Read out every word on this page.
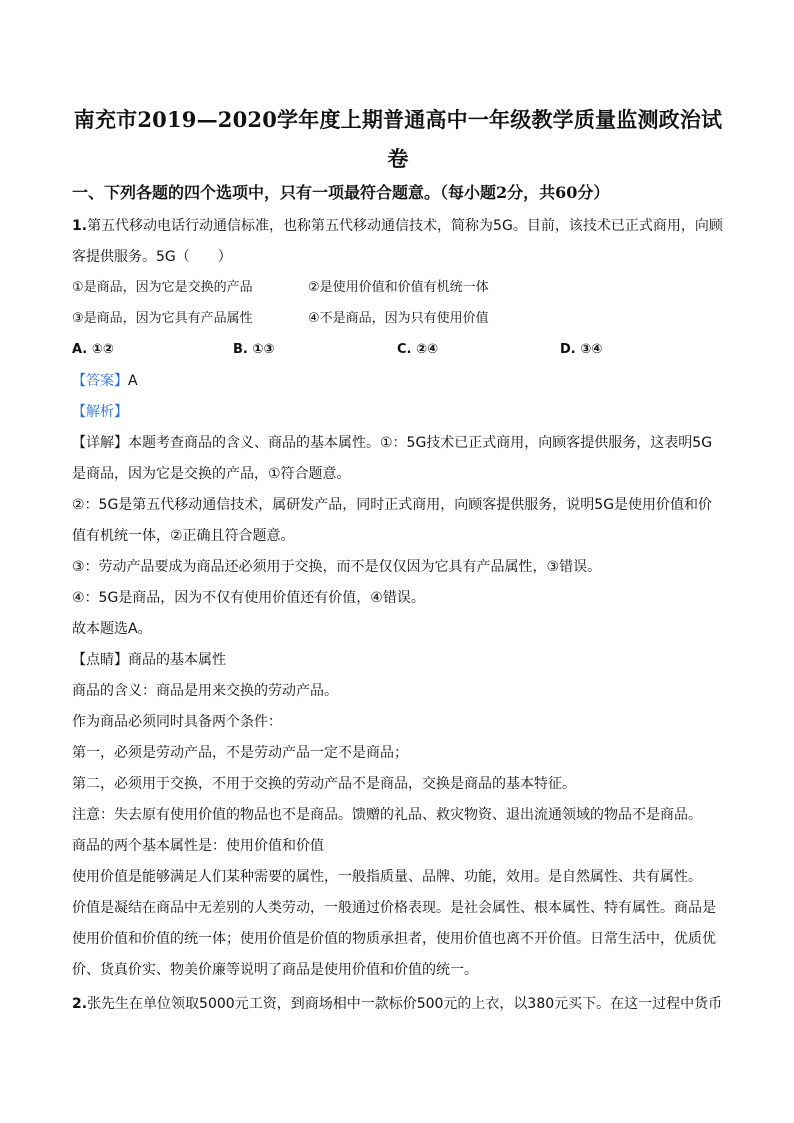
南充市2019—2020学年度上期普通高中一年级教学质量监测政治试
卷
一、下列各题的四个选项中，只有一项最符合题意。（每小题2分，共60分）
1.第五代移动电话行动通信标准，也称第五代移动通信技术，简称为5G。目前，该技术已正式商用，向顾
客提供服务。5G（　　）
①是商品，因为它是交换的产品	②是使用价值和价值有机统一体
③是商品，因为它具有产品属性	④不是商品，因为只有使用价值
A. ①②	B. ①③	C. ②④	D. ③④
【答案】A
【解析】
【详解】本题考查商品的含义、商品的基本属性。①：5G技术已正式商用，向顾客提供服务，这表明5G
是商品，因为它是交换的产品，①符合题意。
②：5G是第五代移动通信技术，属研发产品，同时正式商用，向顾客提供服务，说明5G是使用价值和价
值有机统一体，②正确且符合题意。
③：劳动产品要成为商品还必须用于交换，而不是仅仅因为它具有产品属性，③错误。
④：5G是商品，因为不仅有使用价值还有价值，④错误。
故本题选A。
【点睛】商品的基本属性
商品的含义：商品是用来交换的劳动产品。
作为商品必须同时具备两个条件：
第一，必须是劳动产品，不是劳动产品一定不是商品；
第二，必须用于交换，不用于交换的劳动产品不是商品，交换是商品的基本特征。
注意：失去原有使用价值的物品也不是商品。馈赠的礼品、救灾物资、退出流通领域的物品不是商品。
商品的两个基本属性是：使用价值和价值
使用价值是能够满足人们某种需要的属性，一般指质量、品牌、功能，效用。是自然属性、共有属性。
价值是凝结在商品中无差别的人类劳动，一般通过价格表现。是社会属性、根本属性、特有属性。商品是
使用价值和价值的统一体；使用价值是价值的物质承担者，使用价值也离不开价值。日常生活中，优质优
价、货真价实、物美价廉等说明了商品是使用价值和价值的统一。
2.张先生在单位领取5000元工资，到商场相中一款标价500元的上衣，以380元买下。在这一过程中货币
